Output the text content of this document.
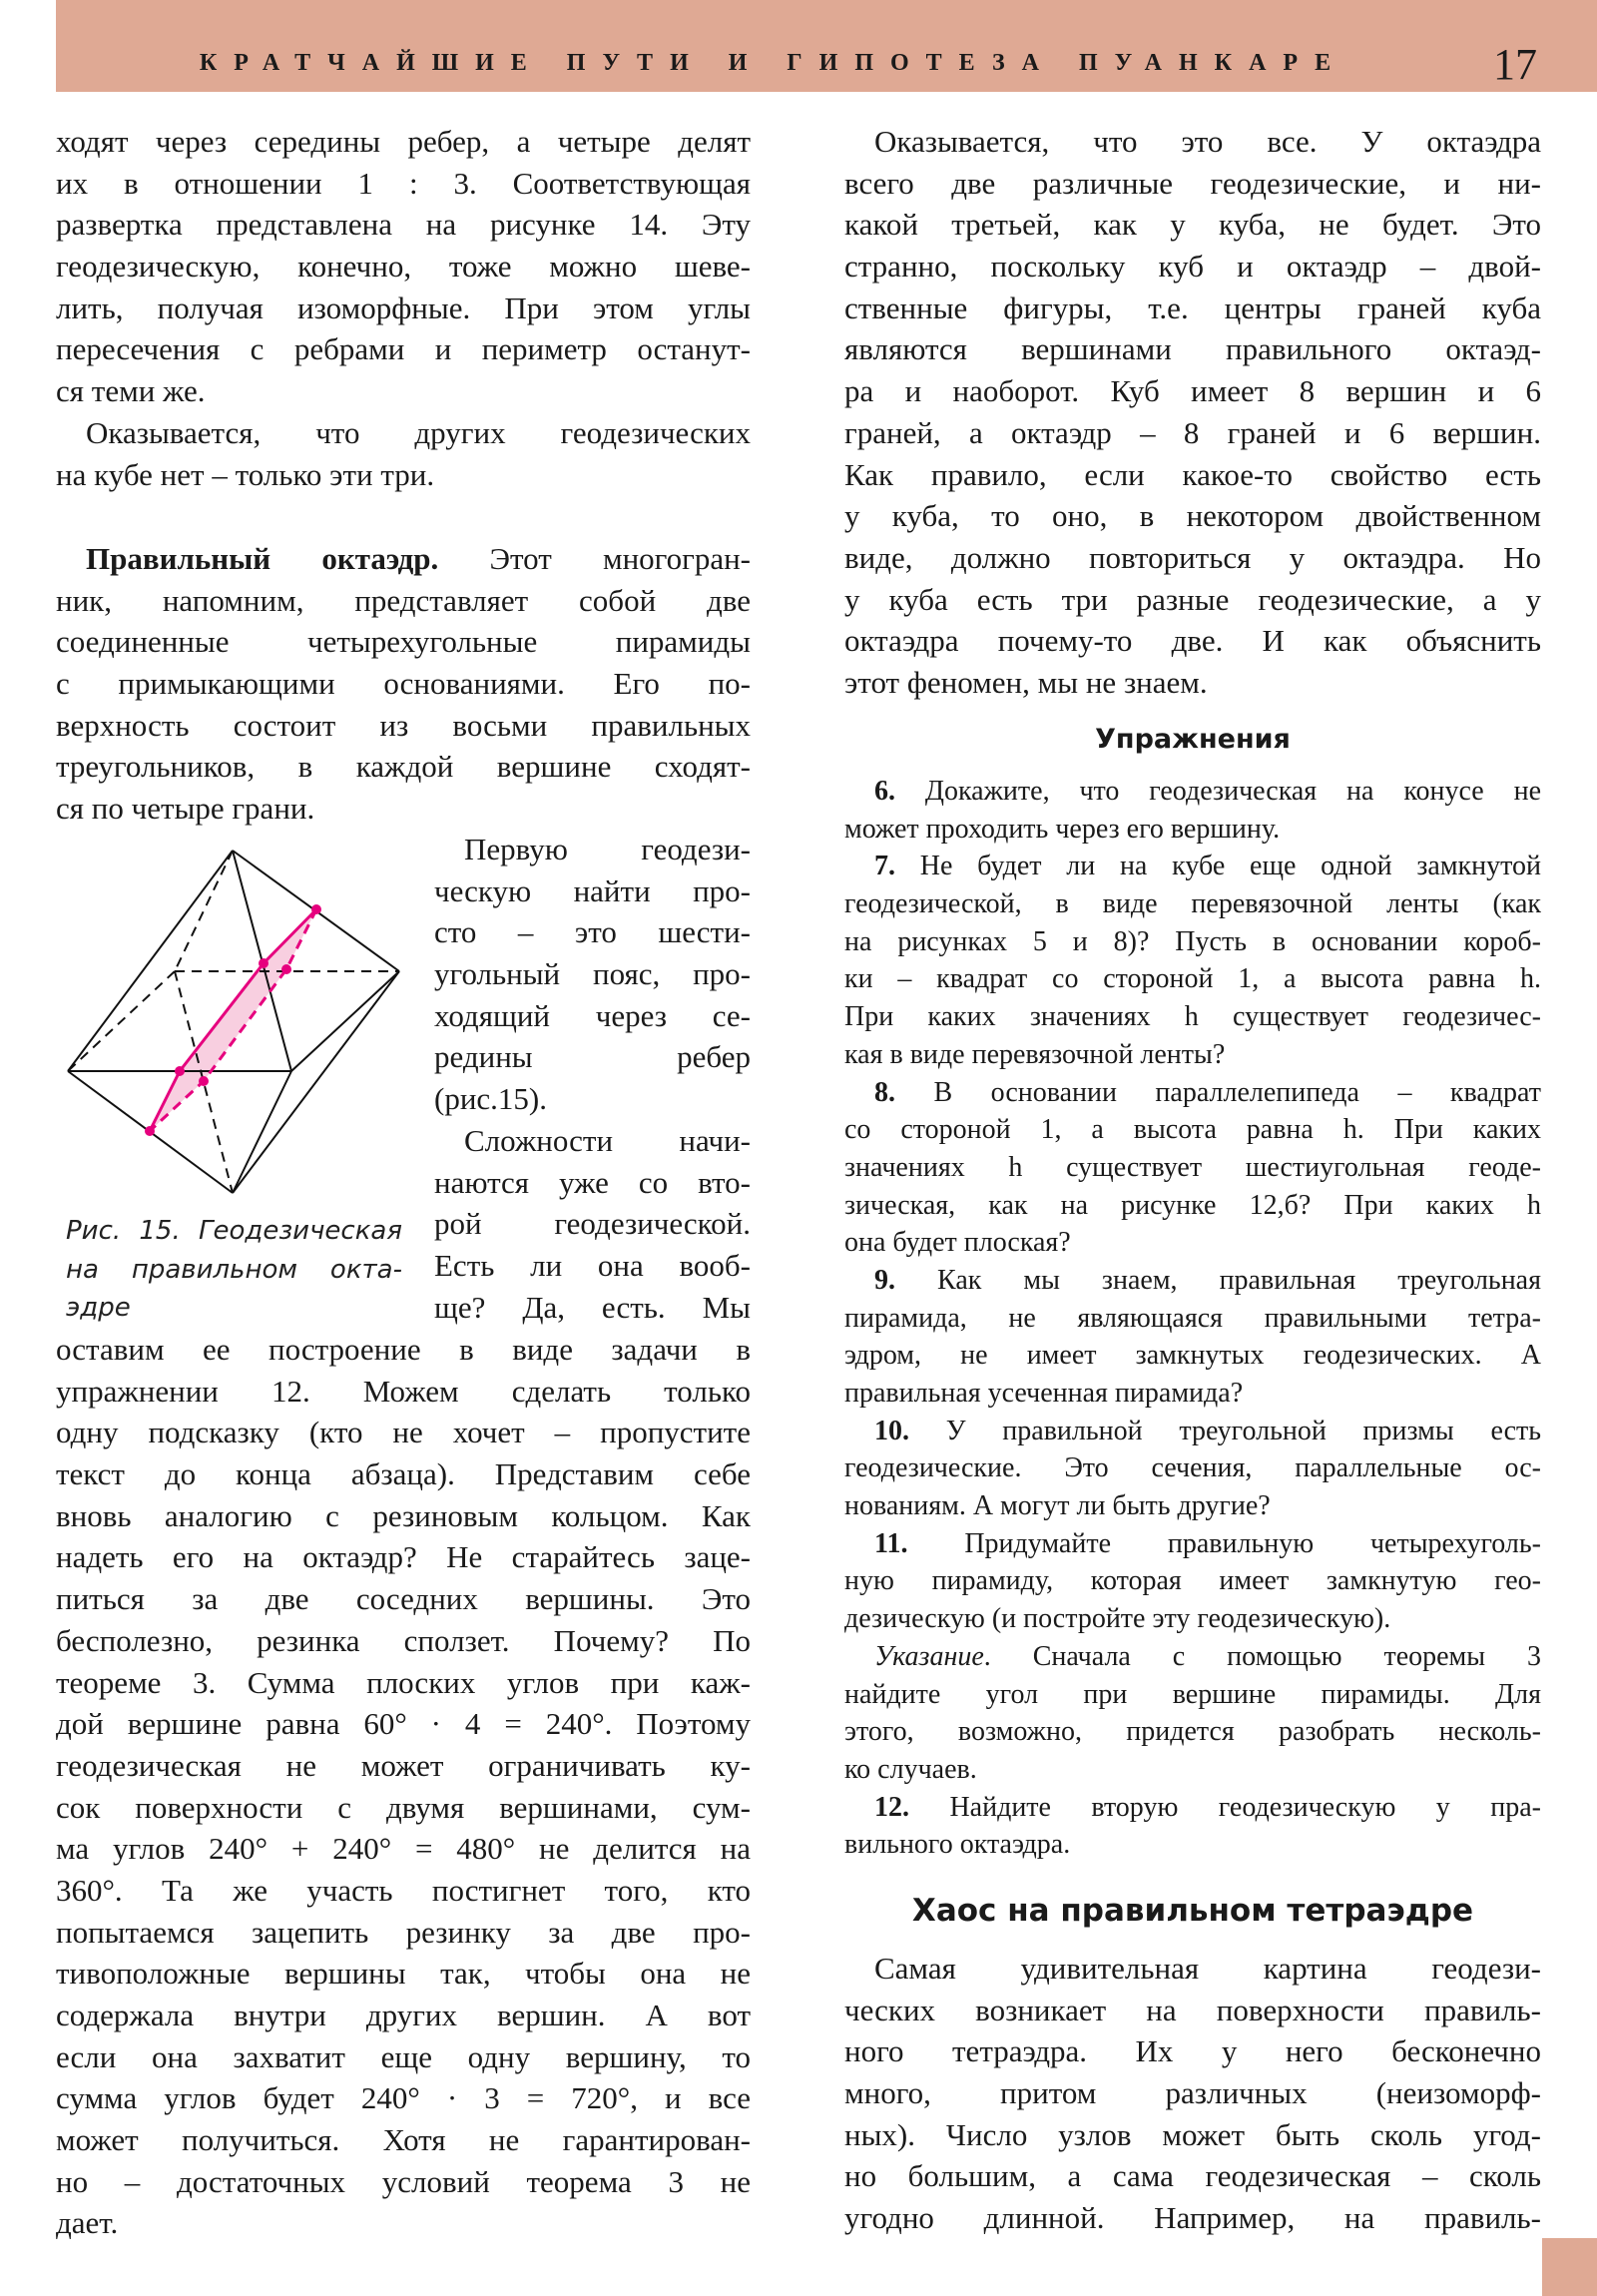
КРАТЧАЙШИЕ ПУТИ И ГИПОТЕЗА ПУАНКАРЕ	17
ходят через середины ребер, а четыре делят
их в отношении 1 : 3. Соответствующая
развертка представлена на рисунке 14. Эту
геодезическую, конечно, тоже можно шеве-
лить, получая изоморфные. При этом углы
пересечения с ребрами и периметр останут-
ся теми же.
Оказывается, что других геодезических
на кубе нет – только эти три.
Правильный октаэдр. Этот многогран-
ник, напомним, представляет собой две
соединенные четырехугольные пирамиды
с примыкающими основаниями. Его по-
верхность состоит из восьми правильных
треугольников, в каждой вершине сходят-
ся по четыре грани.
Рис. 15. Геодезическая
на правильном окта-
эдре
Первую геодези-
ческую найти про-
сто – это шести-
угольный пояс, про-
ходящий через се-
редины ребер
(рис.15).
Сложности начи-
наются уже со вто-
рой геодезической.
Есть ли она вооб-
ще? Да, есть. Мы
оставим ее построение в виде задачи в
упражнении 12. Можем сделать только
одну подсказку (кто не хочет – пропустите
текст до конца абзаца). Представим себе
вновь аналогию с резиновым кольцом. Как
надеть его на октаэдр? Не старайтесь заце-
питься за две соседних вершины. Это
бесполезно, резинка сползет. Почему? По
теореме 3. Сумма плоских углов при каж-
дой вершине равна 60° · 4 = 240°. Поэтому
геодезическая не может ограничивать ку-
сок поверхности с двумя вершинами, сум-
ма углов 240° + 240° = 480° не делится на
360°. Та же участь постигнет того, кто
попытаемся зацепить резинку за две про-
тивоположные вершины так, чтобы она не
содержала внутри других вершин. А вот
если она захватит еще одну вершину, то
сумма углов будет 240° · 3 = 720°, и все
может получиться. Хотя не гарантирован-
но – достаточных условий теорема 3 не
дает.
Оказывается, что это все. У октаэдра
всего две различные геодезические, и ни-
какой третьей, как у куба, не будет. Это
странно, поскольку куб и октаэдр – двой-
ственные фигуры, т.е. центры граней куба
являются вершинами правильного октаэд-
ра и наоборот. Куб имеет 8 вершин и 6
граней, а октаэдр – 8 граней и 6 вершин.
Как правило, если какое-то свойство есть
у куба, то оно, в некотором двойственном
виде, должно повториться у октаэдра. Но
у куба есть три разные геодезические, а у
октаэдра почему-то две. И как объяснить
этот феномен, мы не знаем.
Упражнения
6. Докажите, что геодезическая на конусе не
может проходить через его вершину.
7. Не будет ли на кубе еще одной замкнутой
геодезической, в виде перевязочной ленты (как
на рисунках 5 и 8)? Пусть в основании короб-
ки – квадрат со стороной 1, а высота равна h.
При каких значениях h существует геодезичес-
кая в виде перевязочной ленты?
8. В основании параллелепипеда – квадрат
со стороной 1, а высота равна h. При каких
значениях h существует шестиугольная геоде-
зическая, как на рисунке 12,б? При каких h
она будет плоская?
9. Как мы знаем, правильная треугольная
пирамида, не являющаяся правильными тетра-
эдром, не имеет замкнутых геодезических. А
правильная усеченная пирамида?
10. У правильной треугольной призмы есть
геодезические. Это сечения, параллельные ос-
нованиям. А могут ли быть другие?
11. Придумайте правильную четырехуголь-
ную пирамиду, которая имеет замкнутую гео-
дезическую (и постройте эту геодезическую).
Указание. Сначала с помощью теоремы 3
найдите угол при вершине пирамиды. Для
этого, возможно, придется разобрать несколь-
ко случаев.
12. Найдите вторую геодезическую у пра-
вильного октаэдра.
Хаос на правильном тетраэдре
Самая удивительная картина геодези-
ческих возникает на поверхности правиль-
ного тетраэдра. Их у него бесконечно
много, притом различных (неизоморф-
ных). Число узлов может быть сколь угод-
но большим, а сама геодезическая – сколь
угодно длинной. Например, на правиль-
